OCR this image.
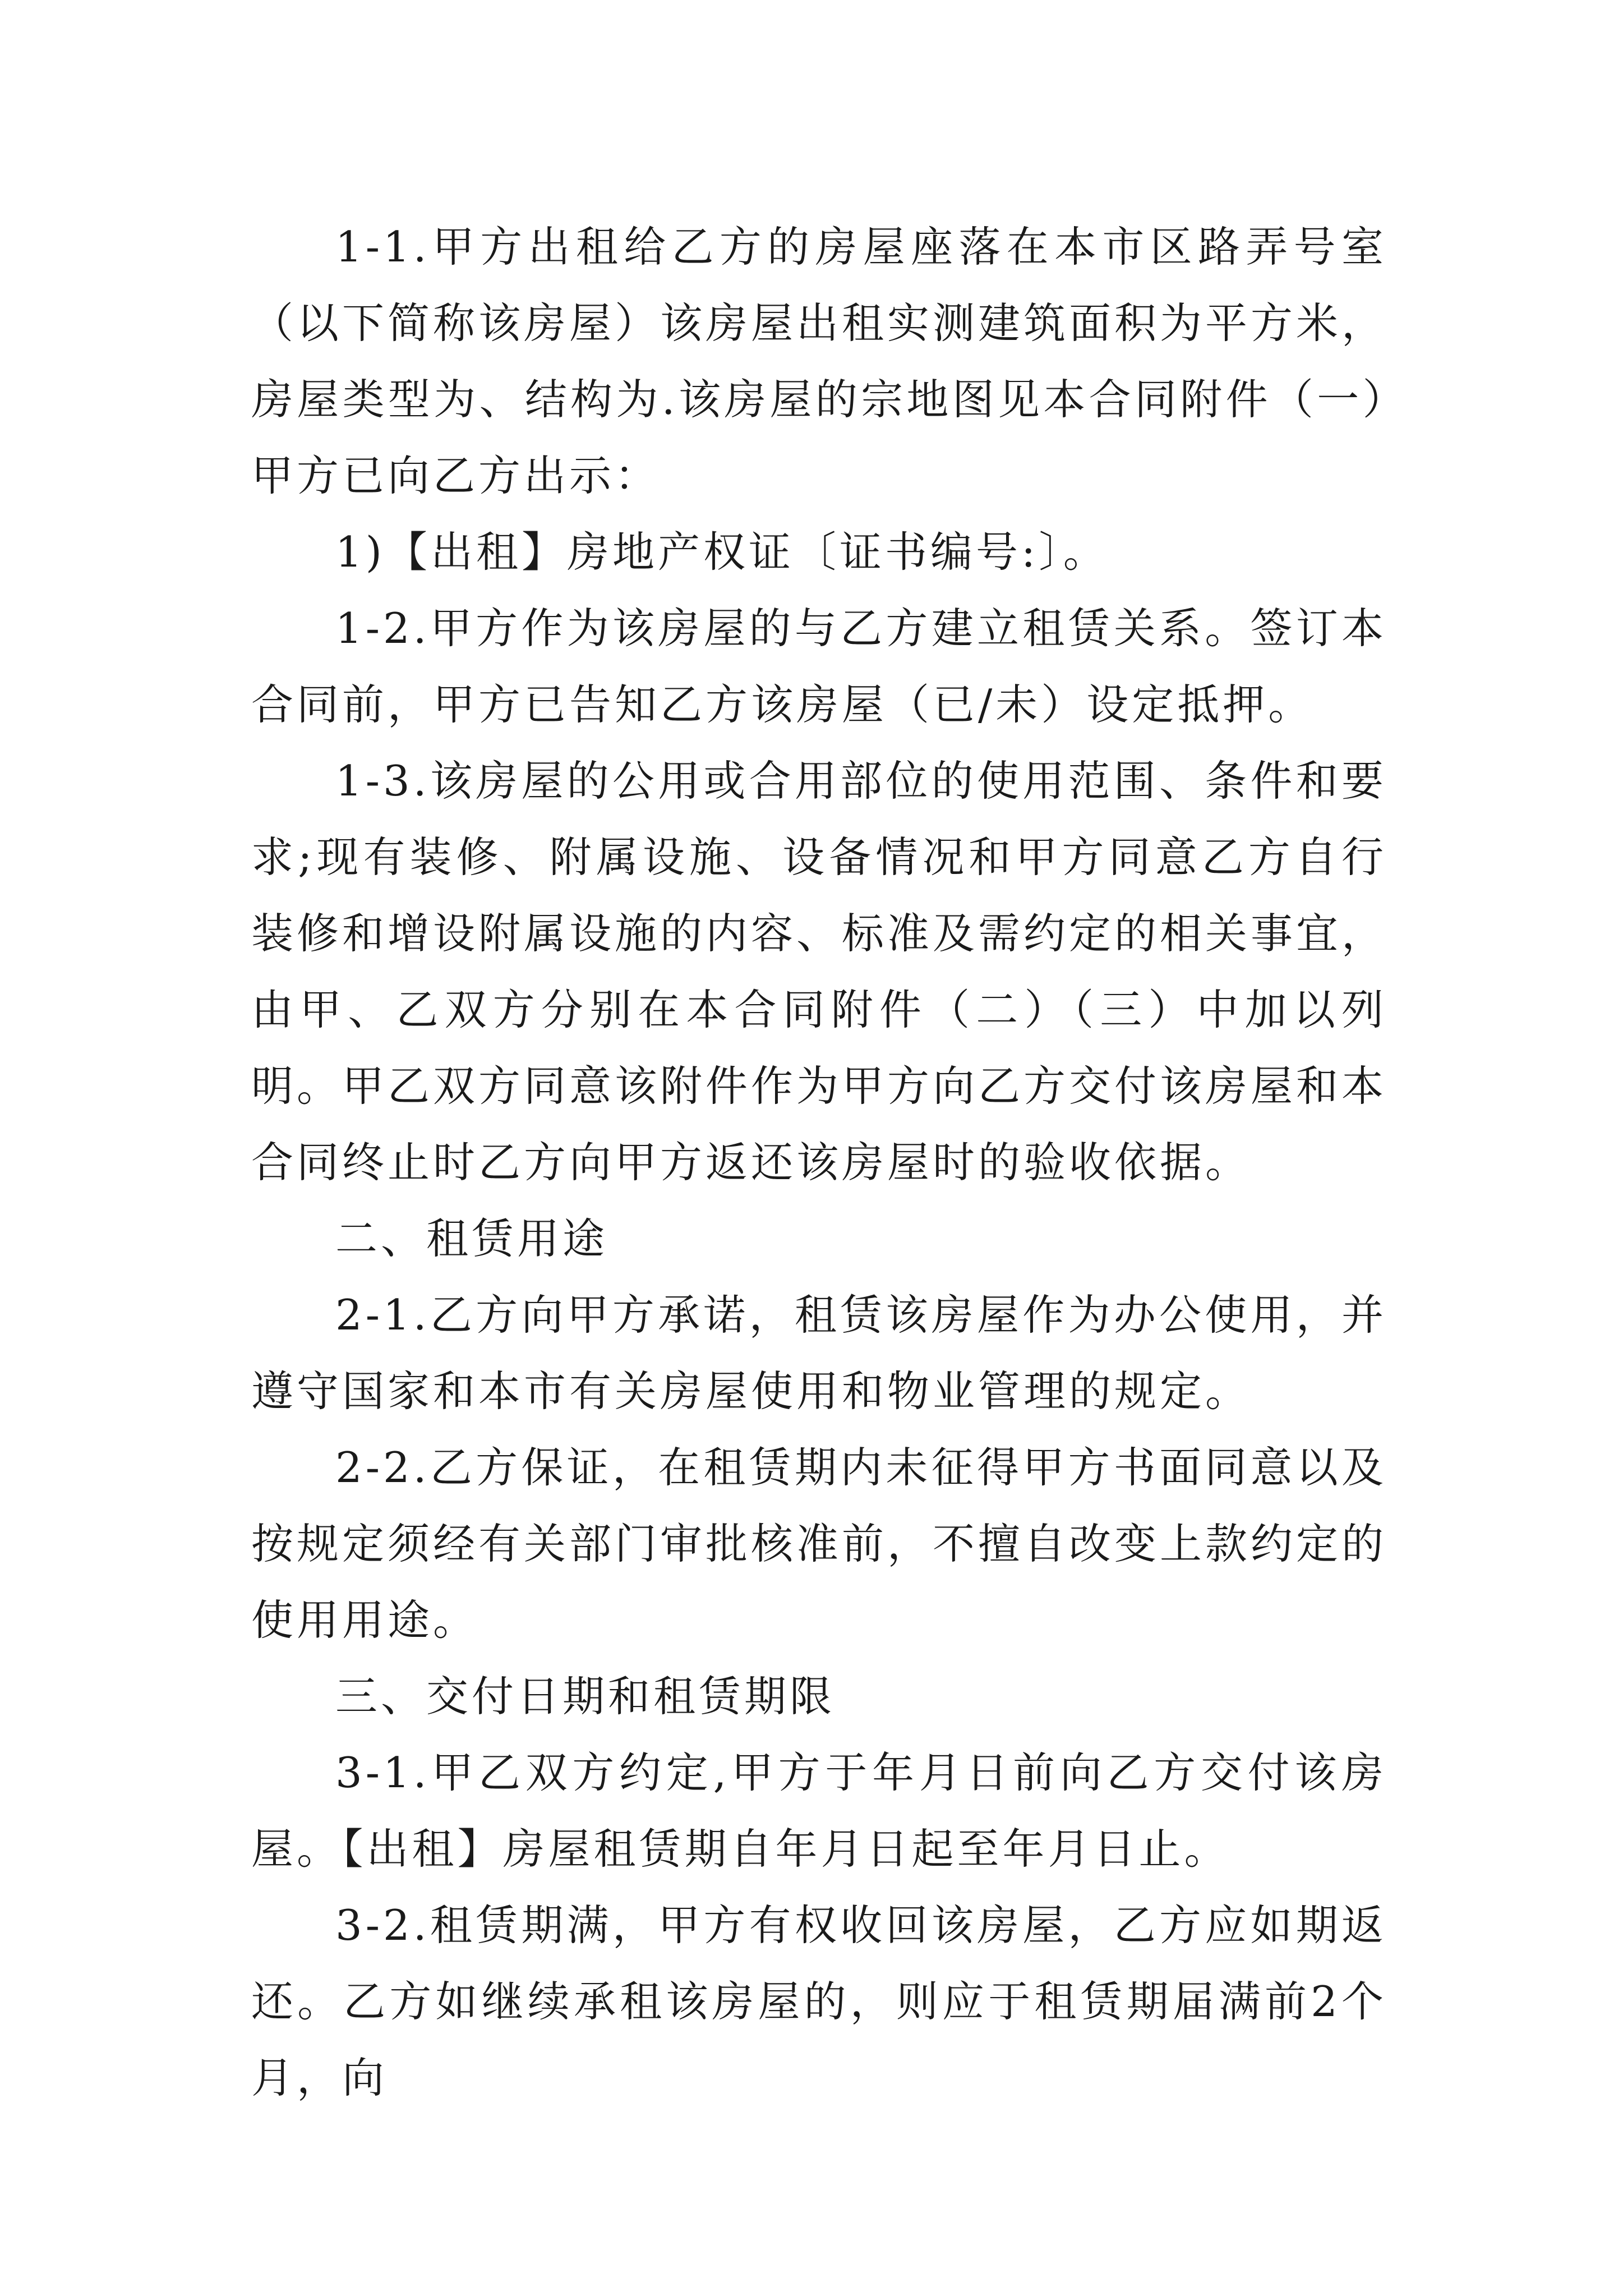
1-1.甲方出租给乙方的房屋座落在本市区路弄号室（以下简称该房屋）该房屋出租实测建筑面积为平方米，房屋类型为、结构为.该房屋的宗地图见本合同附件（一）甲方已向乙方出示：

1)【出租】房地产权证〔证书编号:〕。

1-2.甲方作为该房屋的与乙方建立租赁关系。签订本合同前，甲方已告知乙方该房屋（已/未）设定抵押。

1-3.该房屋的公用或合用部位的使用范围、条件和要求;现有装修、附属设施、设备情况和甲方同意乙方自行装修和增设附属设施的内容、标准及需约定的相关事宜，由甲、乙双方分别在本合同附件（二）（三）中加以列明。甲乙双方同意该附件作为甲方向乙方交付该房屋和本合同终止时乙方向甲方返还该房屋时的验收依据。

二、租赁用途

2-1.乙方向甲方承诺，租赁该房屋作为办公使用，并遵守国家和本市有关房屋使用和物业管理的规定。

2-2.乙方保证，在租赁期内未征得甲方书面同意以及按规定须经有关部门审批核准前，不擅自改变上款约定的使用用途。

三、交付日期和租赁期限

3-1.甲乙双方约定,甲方于年月日前向乙方交付该房屋。【出租】房屋租赁期自年月日起至年月日止。

3-2.租赁期满，甲方有权收回该房屋，乙方应如期返还。乙方如继续承租该房屋的，则应于租赁期届满前2个月，向
